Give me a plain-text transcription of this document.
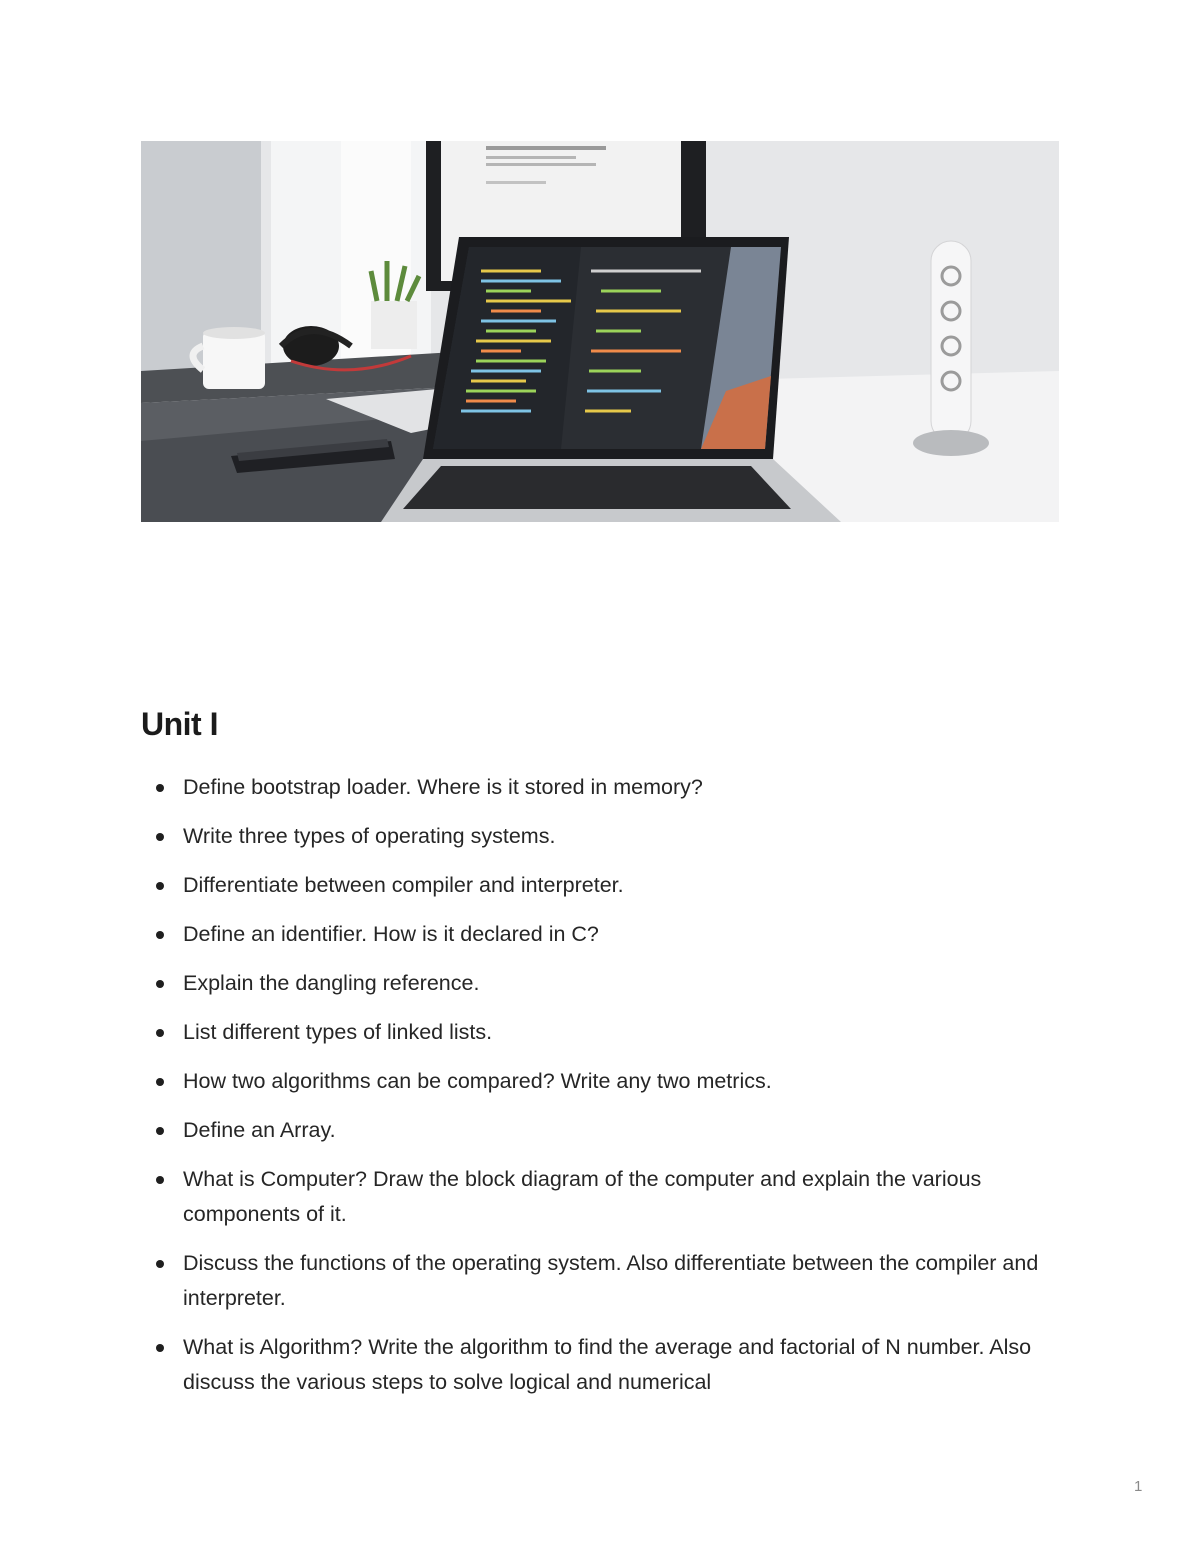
Unit I
Define bootstrap loader. Where is it stored in memory?
Write three types of operating systems.
Differentiate between compiler and interpreter.
Define an identifier. How is it declared in C?
Explain the dangling reference.
List different types of linked lists.
How two algorithms can be compared? Write any two metrics.
Define an Array.
What is Computer? Draw the block diagram of the computer and explain the various components of it.
Discuss the functions of the operating system. Also differentiate between the compiler and interpreter.
What is Algorithm? Write the algorithm to find the average and factorial of N number. Also discuss the various steps to solve logical and numerical
1
